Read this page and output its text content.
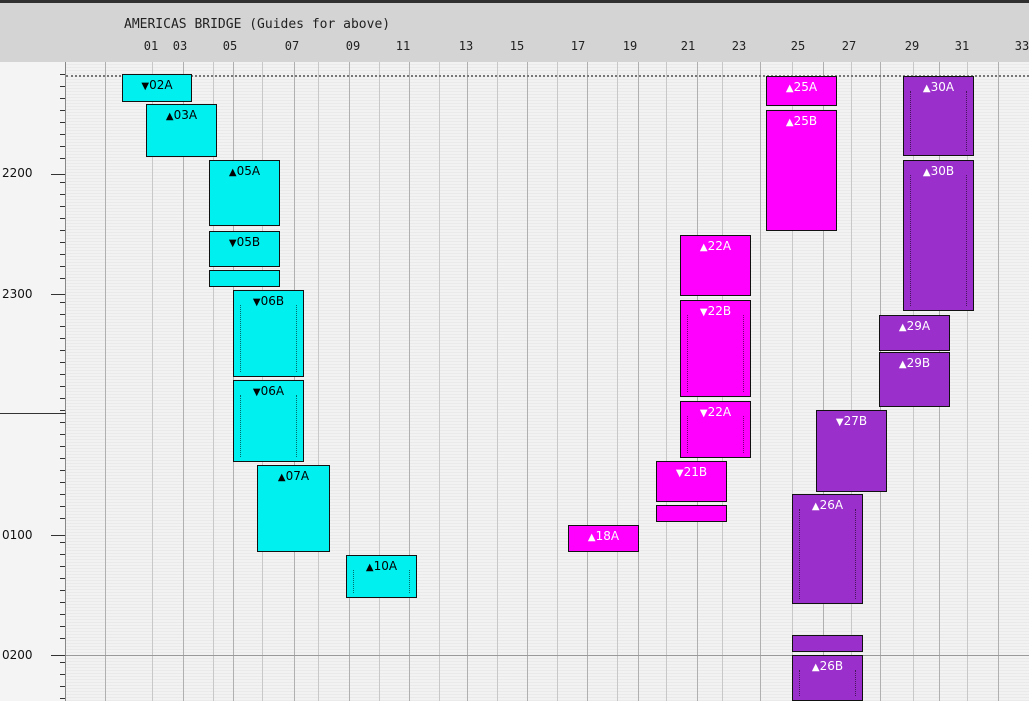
AMERICAS BRIDGE (Guides for above)
01 03	05	07	09	11	13	15	17	19	21	23	25	27	29	31	33
2200
2300
0100
0200
▼02A
▲03A
▲05A
▼05B
▼06B
▼06A
▲07A
▲10A
▲18A
▼21B
▲22A
▼22B
▼22A
▲25A
▲25B
▲26A
▲26B
▼27B
▲29A
▲29B
▲30A
▲30B
